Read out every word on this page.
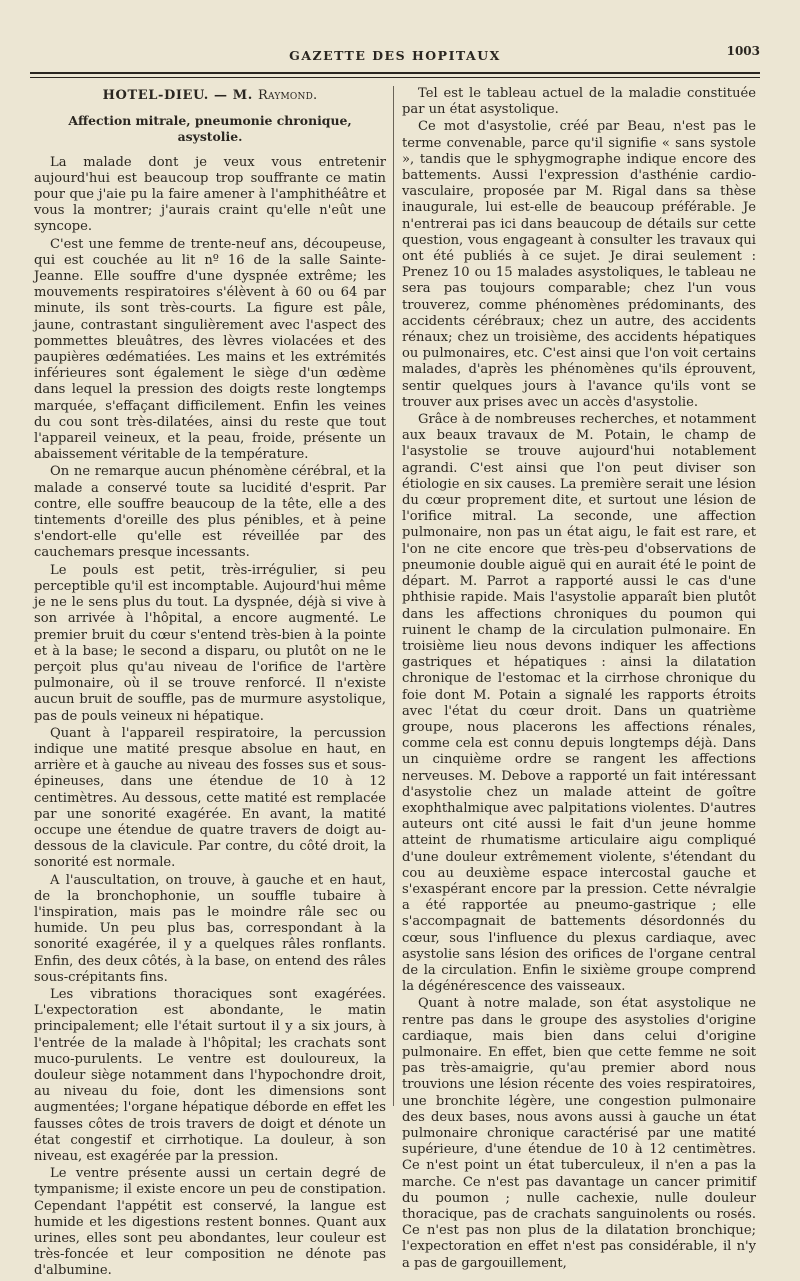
GAZETTE DES HOPITAUX	1003
HOTEL-DIEU. — M. Raymond.
Affection mitrale, pneumonie chronique, asystolie.

La malade dont je veux vous entretenir aujourd'hui est beaucoup trop souffrante ce matin pour que j'aie pu la faire amener à l'amphithéâtre et vous la montrer; j'aurais craint qu'elle n'eût une syncope.

C'est une femme de trente-neuf ans, découpeuse, qui est couchée au lit nº 16 de la salle Sainte-Jeanne. Elle souffre d'une dyspnée extrême; les mouvements respiratoires s'élèvent à 60 ou 64 par minute, ils sont très-courts. La figure est pâle, jaune, contrastant singulièrement avec l'aspect des pommettes bleuâtres, des lèvres violacées et des paupières œdématiées. Les mains et les extrémités inférieures sont également le siège d'un œdème dans lequel la pression des doigts reste longtemps marquée, s'effaçant difficilement. Enfin les veines du cou sont très-dilatées, ainsi du reste que tout l'appareil veineux, et la peau, froide, présente un abaissement véritable de la température.

On ne remarque aucun phénomène cérébral, et la malade a conservé toute sa lucidité d'esprit. Par contre, elle souffre beaucoup de la tête, elle a des tintements d'oreille des plus pénibles, et à peine s'endort-elle qu'elle est réveillée par des cauchemars presque incessants.

Le pouls est petit, très-irrégulier, si peu perceptible qu'il est incomptable. Aujourd'hui même je ne le sens plus du tout. La dyspnée, déjà si vive à son arrivée à l'hôpital, a encore augmenté. Le premier bruit du cœur s'entend très-bien à la pointe et à la base; le second a disparu, ou plutôt on ne le perçoit plus qu'au niveau de l'orifice de l'artère pulmonaire, où il se trouve renforcé. Il n'existe aucun bruit de souffle, pas de murmure asystolique, pas de pouls veineux ni hépatique.

Quant à l'appareil respiratoire, la percussion indique une matité presque absolue en haut, en arrière et à gauche au niveau des fosses sus et sous-épineuses, dans une étendue de 10 à 12 centimètres. Au dessous, cette matité est remplacée par une sonorité exagérée. En avant, la matité occupe une étendue de quatre travers de doigt au-dessous de la clavicule. Par contre, du côté droit, la sonorité est normale.

A l'auscultation, on trouve, à gauche et en haut, de la bronchophonie, un souffle tubaire à l'inspiration, mais pas le moindre râle sec ou humide. Un peu plus bas, correspondant à la sonorité exagérée, il y a quelques râles ronflants. Enfin, des deux côtés, à la base, on entend des râles sous-crépitants fins.

Les vibrations thoraciques sont exagérées. L'expectoration est abondante, le matin principalement; elle l'était surtout il y a six jours, à l'entrée de la malade à l'hôpital; les crachats sont muco-purulents. Le ventre est douloureux, la douleur siège notamment dans l'hypochondre droit, au niveau du foie, dont les dimensions sont augmentées; l'organe hépatique déborde en effet les fausses côtes de trois travers de doigt et dénote un état congestif et cirrhotique. La douleur, à son niveau, est exagérée par la pression.

Le ventre présente aussi un certain degré de tympanisme; il existe encore un peu de constipation. Cependant l'appétit est conservé, la langue est humide et les digestions restent bonnes. Quant aux urines, elles sont peu abondantes, leur couleur est très-foncée et leur composition ne dénote pas d'albumine.

Tel est le tableau actuel de la maladie constituée par un état asystolique.

Ce mot d'asystolie, créé par Beau, n'est pas le terme convenable, parce qu'il signifie « sans systole », tandis que le sphygmographe indique encore des battements. Aussi l'expression d'asthénie cardio-vasculaire, proposée par M. Rigal dans sa thèse inaugurale, lui est-elle de beaucoup préférable. Je n'entrerai pas ici dans beaucoup de détails sur cette question, vous engageant à consulter les travaux qui ont été publiés à ce sujet. Je dirai seulement : Prenez 10 ou 15 malades asystoliques, le tableau ne sera pas toujours comparable; chez l'un vous trouverez, comme phénomènes prédominants, des accidents cérébraux; chez un autre, des accidents rénaux; chez un troisième, des accidents hépatiques ou pulmonaires, etc. C'est ainsi que l'on voit certains malades, d'après les phénomènes qu'ils éprouvent, sentir quelques jours à l'avance qu'ils vont se trouver aux prises avec un accès d'asystolie.

Grâce à de nombreuses recherches, et notamment aux beaux travaux de M. Potain, le champ de l'asystolie se trouve aujourd'hui notablement agrandi. C'est ainsi que l'on peut diviser son étiologie en six causes. La première serait une lésion du cœur proprement dite, et surtout une lésion de l'orifice mitral. La seconde, une affection pulmonaire, non pas un état aigu, le fait est rare, et l'on ne cite encore que très-peu d'observations de pneumonie double aiguë qui en aurait été le point de départ. M. Parrot a rapporté aussi le cas d'une phthisie rapide. Mais l'asystolie apparaît bien plutôt dans les affections chroniques du poumon qui ruinent le champ de la circulation pulmonaire. En troisième lieu nous devons indiquer les affections gastriques et hépatiques : ainsi la dilatation chronique de l'estomac et la cirrhose chronique du foie dont M. Potain a signalé les rapports étroits avec l'état du cœur droit. Dans un quatrième groupe, nous placerons les affections rénales, comme cela est connu depuis longtemps déjà. Dans un cinquième ordre se rangent les affections nerveuses. M. Debove a rapporté un fait intéressant d'asystolie chez un malade atteint de goître exophthalmique avec palpitations violentes. D'autres auteurs ont cité aussi le fait d'un jeune homme atteint de rhumatisme articulaire aigu compliqué d'une douleur extrêmement violente, s'étendant du cou au deuxième espace intercostal gauche et s'exaspérant encore par la pression. Cette névralgie a été rapportée au pneumo-gastrique ; elle s'accompagnait de battements désordonnés du cœur, sous l'influence du plexus cardiaque, avec asystolie sans lésion des orifices de l'organe central de la circulation. Enfin le sixième groupe comprend la dégénérescence des vaisseaux.

Quant à notre malade, son état asystolique ne rentre pas dans le groupe des asystolies d'origine cardiaque, mais bien dans celui d'origine pulmonaire. En effet, bien que cette femme ne soit pas très-amaigrie, qu'au premier abord nous trouvions une lésion récente des voies respiratoires, une bronchite légère, une congestion pulmonaire des deux bases, nous avons aussi à gauche un état pulmonaire chronique caractérisé par une matité supérieure, d'une étendue de 10 à 12 centimètres. Ce n'est point un état tuberculeux, il n'en a pas la marche. Ce n'est pas davantage un cancer primitif du poumon ; nulle cachexie, nulle douleur thoracique, pas de crachats sanguinolents ou rosés. Ce n'est pas non plus de la dilatation bronchique; l'expectoration en effet n'est pas considérable, il n'y a pas de gargouillement,
